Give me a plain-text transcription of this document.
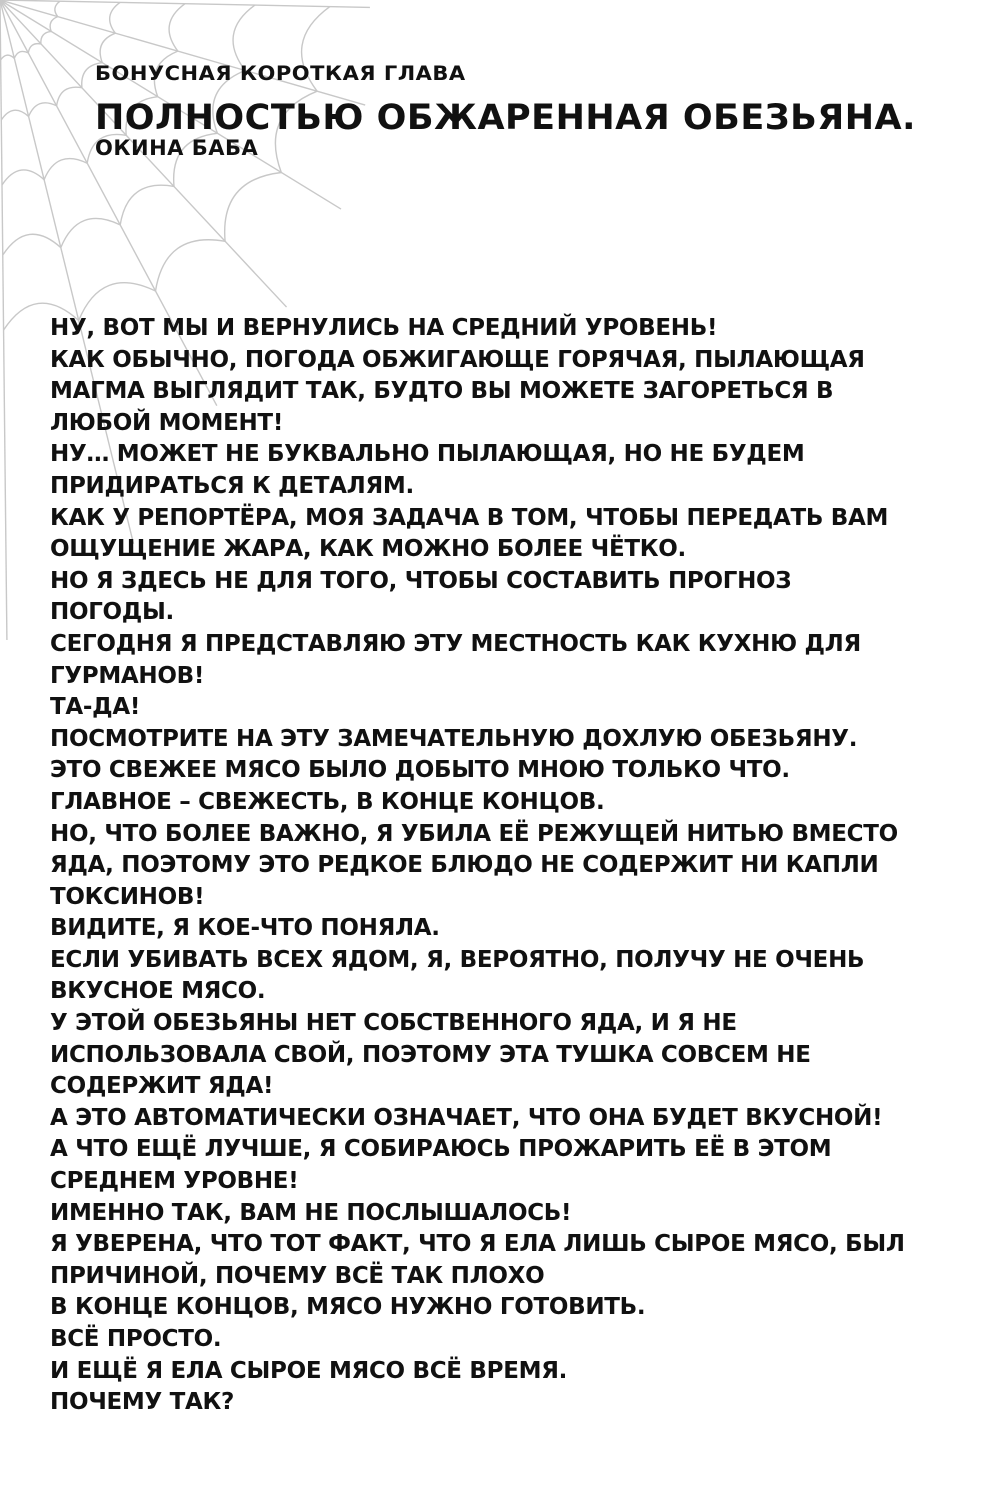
БОНУСНАЯ КОРОТКАЯ ГЛАВА
ПОЛНОСТЬЮ ОБЖАРЕННАЯ ОБЕЗЬЯНА.
ОКИНА БАБА
НУ, ВОТ МЫ И ВЕРНУЛИСЬ НА СРЕДНИЙ УРОВЕНЬ!
КАК ОБЫЧНО, ПОГОДА ОБЖИГАЮЩЕ ГОРЯЧАЯ, ПЫЛАЮЩАЯ
МАГМА ВЫГЛЯДИТ ТАК, БУДТО ВЫ МОЖЕТЕ ЗАГОРЕТЬСЯ В
ЛЮБОЙ МОМЕНТ!
НУ… МОЖЕТ НЕ БУКВАЛЬНО ПЫЛАЮЩАЯ, НО НЕ БУДЕМ
ПРИДИРАТЬСЯ К ДЕТАЛЯМ.
КАК У РЕПОРТЁРА, МОЯ ЗАДАЧА В ТОМ, ЧТОБЫ ПЕРЕДАТЬ ВАМ
ОЩУЩЕНИЕ ЖАРА, КАК МОЖНО БОЛЕЕ ЧЁТКО.
НО Я ЗДЕСЬ НЕ ДЛЯ ТОГО, ЧТОБЫ СОСТАВИТЬ ПРОГНОЗ
ПОГОДЫ.
СЕГОДНЯ Я ПРЕДСТАВЛЯЮ ЭТУ МЕСТНОСТЬ КАК КУХНЮ ДЛЯ
ГУРМАНОВ!
ТА-ДА!
ПОСМОТРИТЕ НА ЭТУ ЗАМЕЧАТЕЛЬНУЮ ДОХЛУЮ ОБЕЗЬЯНУ.
ЭТО СВЕЖЕЕ МЯСО БЫЛО ДОБЫТО МНОЮ ТОЛЬКО ЧТО.
ГЛАВНОЕ – СВЕЖЕСТЬ, В КОНЦЕ КОНЦОВ.
НО, ЧТО БОЛЕЕ ВАЖНО, Я УБИЛА ЕЁ РЕЖУЩЕЙ НИТЬЮ ВМЕСТО
ЯДА, ПОЭТОМУ ЭТО РЕДКОЕ БЛЮДО НЕ СОДЕРЖИТ НИ КАПЛИ
ТОКСИНОВ!
ВИДИТЕ, Я КОЕ-ЧТО ПОНЯЛА.
ЕСЛИ УБИВАТЬ ВСЕХ ЯДОМ, Я, ВЕРОЯТНО, ПОЛУЧУ НЕ ОЧЕНЬ
ВКУСНОЕ МЯСО.
У ЭТОЙ ОБЕЗЬЯНЫ НЕТ СОБСТВЕННОГО ЯДА, И Я НЕ
ИСПОЛЬЗОВАЛА СВОЙ, ПОЭТОМУ ЭТА ТУШКА СОВСЕМ НЕ
СОДЕРЖИТ ЯДА!
А ЭТО АВТОМАТИЧЕСКИ ОЗНАЧАЕТ, ЧТО ОНА БУДЕТ ВКУСНОЙ!
А ЧТО ЕЩЁ ЛУЧШЕ, Я СОБИРАЮСЬ ПРОЖАРИТЬ ЕЁ В ЭТОМ
СРЕДНЕМ УРОВНЕ!
ИМЕННО ТАК, ВАМ НЕ ПОСЛЫШАЛОСЬ!
Я УВЕРЕНА, ЧТО ТОТ ФАКТ, ЧТО Я ЕЛА ЛИШЬ СЫРОЕ МЯСО, БЫЛ
ПРИЧИНОЙ, ПОЧЕМУ ВСЁ ТАК ПЛОХО
В КОНЦЕ КОНЦОВ, МЯСО НУЖНО ГОТОВИТЬ.
ВСЁ ПРОСТО.
И ЕЩЁ Я ЕЛА СЫРОЕ МЯСО ВСЁ ВРЕМЯ.
ПОЧЕМУ ТАК?
